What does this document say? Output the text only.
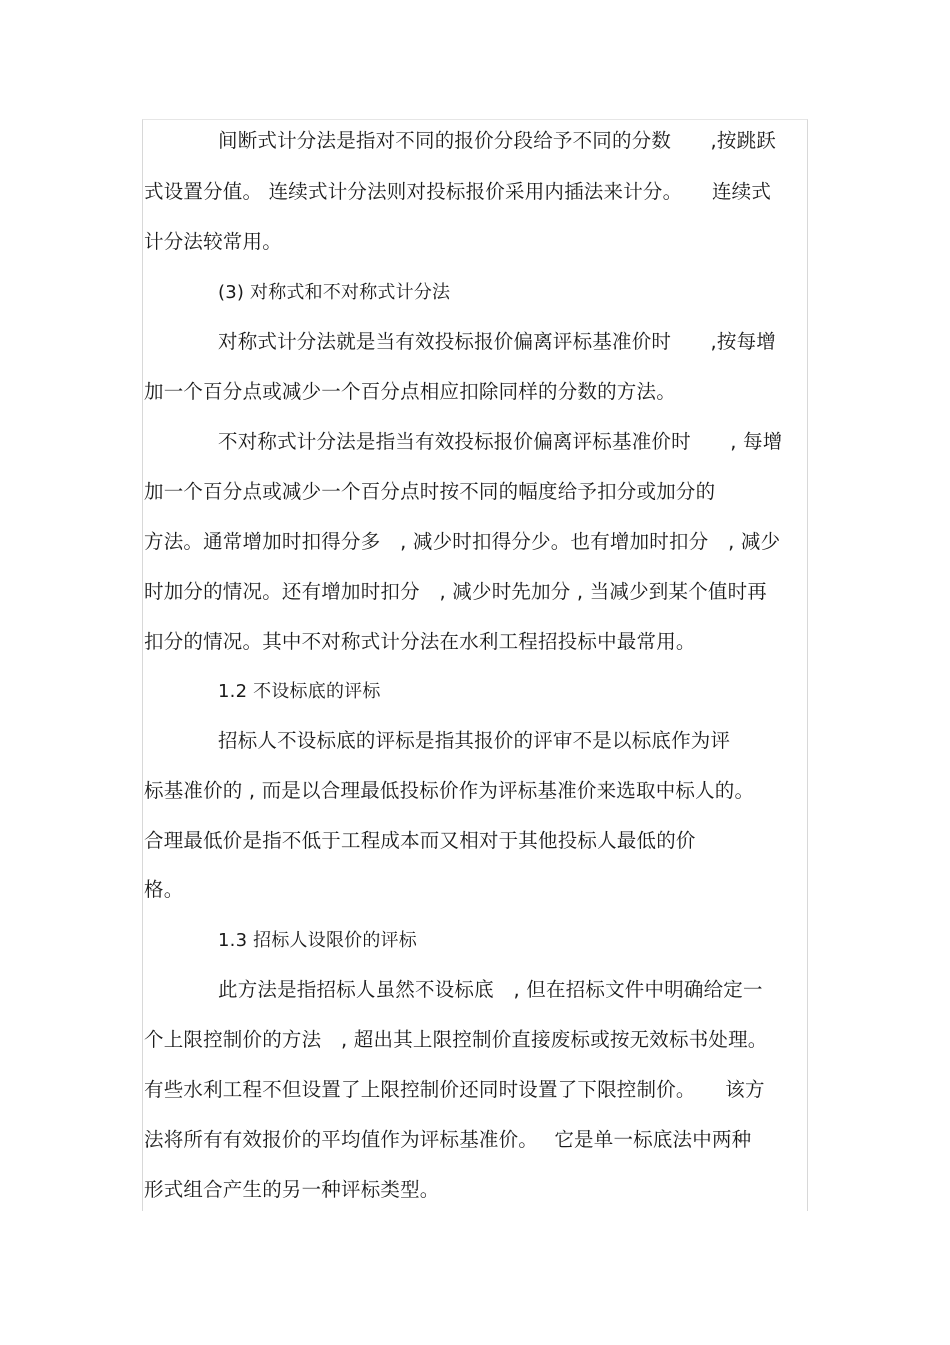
间断式计分法是指对不同的报价分段给予不同的分数　　,按跳跃
式设置分值。 连续式计分法则对投标报价采用内插法来计分。　　连续式
计分法较常用。
(3) 对称式和不对称式计分法
对称式计分法就是当有效投标报价偏离评标基准价时　　,按每增
加一个百分点或减少一个百分点相应扣除同样的分数的方法。
不对称式计分法是指当有效投标报价偏离评标基准价时　　, 每增
加一个百分点或减少一个百分点时按不同的幅度给予扣分或加分的
方法。通常增加时扣得分多　, 减少时扣得分少。也有增加时扣分　, 减少
时加分的情况。还有增加时扣分　, 减少时先加分 , 当减少到某个值时再
扣分的情况。其中不对称式计分法在水利工程招投标中最常用。
1.2 不设标底的评标
招标人不设标底的评标是指其报价的评审不是以标底作为评
标基准价的 , 而是以合理最低投标价作为评标基准价来选取中标人的。
合理最低价是指不低于工程成本而又相对于其他投标人最低的价
格。
1.3 招标人设限价的评标
此方法是指招标人虽然不设标底　, 但在招标文件中明确给定一
个上限控制价的方法　, 超出其上限控制价直接废标或按无效标书处理。
有些水利工程不但设置了上限控制价还同时设置了下限控制价。　　该方
法将所有有效报价的平均值作为评标基准价。　 它是单一标底法中两种
形式组合产生的另一种评标类型。
